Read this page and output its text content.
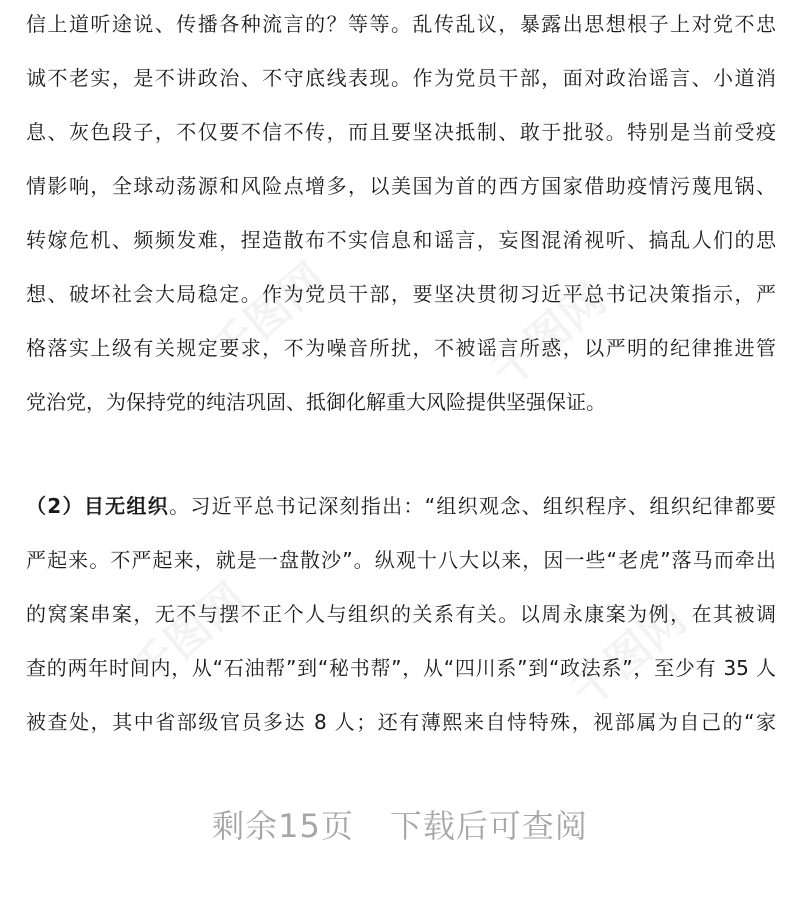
千图网	千图网
千图网	千图网
信上道听途说、传播各种流言的？等等。乱传乱议，暴露出思想根子上对党不忠
诚不老实，是不讲政治、不守底线表现。作为党员干部，面对政治谣言、小道消
息、灰色段子，不仅要不信不传，而且要坚决抵制、敢于批驳。特别是当前受疫
情影响，全球动荡源和风险点增多，以美国为首的西方国家借助疫情污蔑甩锅、
转嫁危机、频频发难，捏造散布不实信息和谣言，妄图混淆视听、搞乱人们的思
想、破坏社会大局稳定。作为党员干部，要坚决贯彻习近平总书记决策指示，严
格落实上级有关规定要求，不为噪音所扰，不被谣言所惑，以严明的纪律推进管
党治党，为保持党的纯洁巩固、抵御化解重大风险提供坚强保证。
（2）目无组织。习近平总书记深刻指出：“组织观念、组织程序、组织纪律都要
严起来。不严起来，就是一盘散沙”。纵观十八大以来，因一些“老虎”落马而牵出
的窝案串案，无不与摆不正个人与组织的关系有关。以周永康案为例，在其被调
查的两年时间内，从“石油帮”到“秘书帮”，从“四川系”到“政法系”，至少有 35 人
被查处，其中省部级官员多达 8 人；还有薄熙来自恃特殊，视部属为自己的“家
剩余15页 下载后可查阅
